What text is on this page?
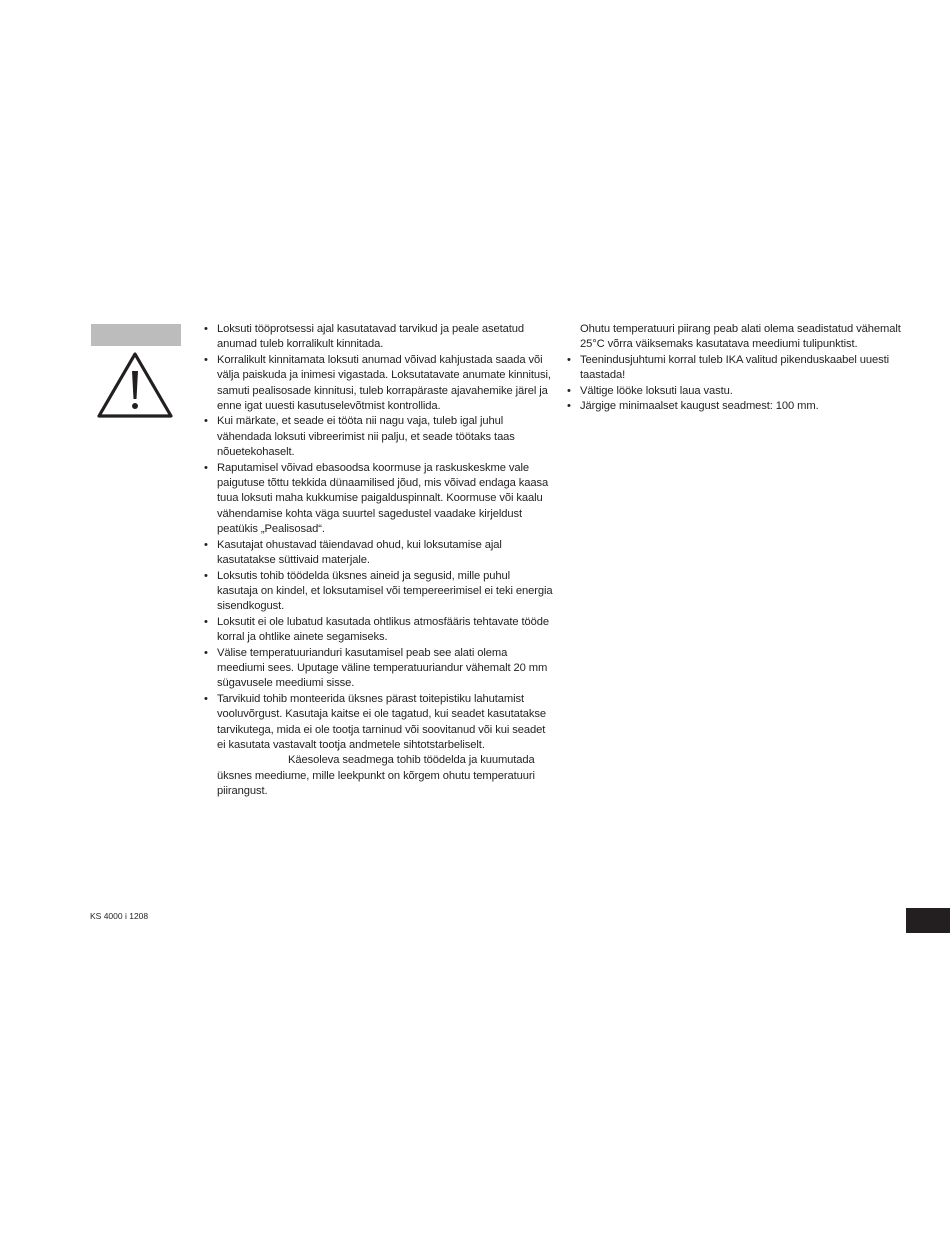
• Loksuti tööprotsessi ajal kasutatavad tarvikud ja peale asetatud anumad tuleb korralikult kinnitada.
• Korralikult kinnitamata loksuti anumad võivad kahjustada saada või välja paiskuda ja inimesi vigastada. Loksutatavate anumate kinnitusi, samuti pealisosade kinnitusi, tuleb korrapäraste ajavahemike järel ja enne igat uuesti kasutuselevõtmist kontrollida.
• Kui märkate, et seade ei tööta nii nagu vaja, tuleb igal juhul vähendada loksuti vibreerimist nii palju, et seade töötaks taas nõuetekohaselt.
• Raputamisel võivad ebasoodsa koormuse ja raskuskeskme vale paigutuse tõttu tekkida dünaamilised jõud, mis võivad endaga kaasa tuua loksuti maha kukkumise paigalduspinnalt. Koormuse või kaalu vähendamise kohta väga suurtel sagedustel vaadake kirjeldust peatükis „Pealisosad“.
• Kasutajat ohustavad täiendavad ohud, kui loksutamise ajal kasutatakse süttivaid materjale.
• Loksutis tohib töödelda üksnes aineid ja segusid, mille puhul kasutaja on kindel, et loksutamisel või tempereerimisel ei teki energia sisendkogust.
• Loksutit ei ole lubatud kasutada ohtlikus atmosfääris tehtavate tööde korral ja ohtlike ainete segamiseks.
• Välise temperatuurianduri kasutamisel peab see alati olema meediumi sees. Uputage väline temperatuuriandur vähemalt 20 mm sügavusele meediumi sisse.
• Tarvikuid tohib monteerida üksnes pärast toitepistiku lahutamist vooluvõrgust. Kasutaja kaitse ei ole tagatud, kui seadet kasutatakse tarvikutega, mida ei ole tootja tarninud või soovitanud või kui seadet ei kasutata vastavalt tootja andmetele sihtotstarbeliselt.
Käesoleva seadmega tohib töödelda ja kuumutada üksnes meediume, mille leekpunkt on kõrgem ohutu temperatuuri piirangust.
Ohutu temperatuuri piirang peab alati olema seadistatud vähemalt 25°C võrra väiksemaks kasutatava meediumi tulipunktist.
• Teenindusjuhtumi korral tuleb IKA valitud pikenduskaabel uuesti taastada!
• Vältige lööke loksuti laua vastu.
• Järgige minimaalset kaugust seadmest: 100 mm.
KS 4000 i 1208
